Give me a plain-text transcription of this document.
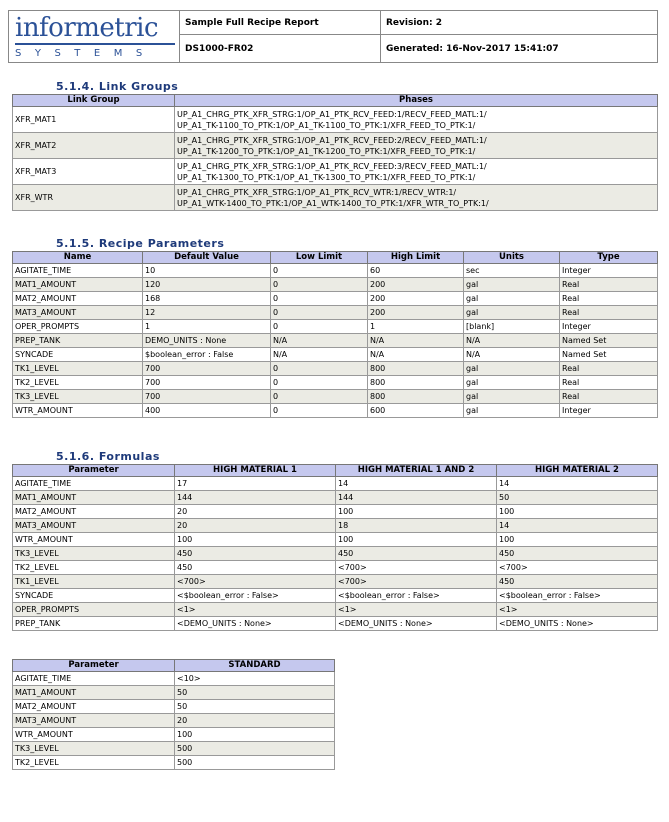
informetric
SYSTEMS	Sample Full Recipe Report	Revision: 2
	DS1000-FR02	Generated: 16-Nov-2017 15:41:07
5.1.4. Link Groups
Link Group	Phases
XFR_MAT1	UP_A1_CHRG_PTK_XFR_STRG:1/OP_A1_PTK_RCV_FEED:1/RECV_FEED_MATL:1/
UP_A1_TK-1100_TO_PTK:1/OP_A1_TK-1100_TO_PTK:1/XFR_FEED_TO_PTK:1/

XFR_MAT2	UP_A1_CHRG_PTK_XFR_STRG:1/OP_A1_PTK_RCV_FEED:2/RECV_FEED_MATL:1/
UP_A1_TK-1200_TO_PTK:1/OP_A1_TK-1200_TO_PTK:1/XFR_FEED_TO_PTK:1/

XFR_MAT3	UP_A1_CHRG_PTK_XFR_STRG:1/OP_A1_PTK_RCV_FEED:3/RECV_FEED_MATL:1/
UP_A1_TK-1300_TO_PTK:1/OP_A1_TK-1300_TO_PTK:1/XFR_FEED_TO_PTK:1/

XFR_WTR	UP_A1_CHRG_PTK_XFR_STRG:1/OP_A1_PTK_RCV_WTR:1/RECV_WTR:1/
UP_A1_WTK-1400_TO_PTK:1/OP_A1_WTK-1400_TO_PTK:1/XFR_WTR_TO_PTK:1/
5.1.5. Recipe Parameters
Name	Default Value	Low Limit	High Limit	Units	Type
AGITATE_TIME	10	0	60	sec	Integer
MAT1_AMOUNT	120	0	200	gal	Real
MAT2_AMOUNT	168	0	200	gal	Real
MAT3_AMOUNT	12	0	200	gal	Real
OPER_PROMPTS	1	0	1	[blank]	Integer
PREP_TANK	DEMO_UNITS : None	N/A	N/A	N/A	Named Set
SYNCADE	$boolean_error : False	N/A	N/A	N/A	Named Set
TK1_LEVEL	700	0	800	gal	Real
TK2_LEVEL	700	0	800	gal	Real
TK3_LEVEL	700	0	800	gal	Real
WTR_AMOUNT	400	0	600	gal	Integer
5.1.6. Formulas
Parameter	HIGH MATERIAL 1	HIGH MATERIAL 1 AND 2	HIGH MATERIAL 2
AGITATE_TIME	17	14	14
MAT1_AMOUNT	144	144	50
MAT2_AMOUNT	20	100	100
MAT3_AMOUNT	20	18	14
WTR_AMOUNT	100	100	100
TK3_LEVEL	450	450	450
TK2_LEVEL	450	<700>	<700>
TK1_LEVEL	<700>	<700>	450
SYNCADE	<$boolean_error : False>	<$boolean_error : False>	<$boolean_error : False>
OPER_PROMPTS	<1>	<1>	<1>
PREP_TANK	<DEMO_UNITS : None>	<DEMO_UNITS : None>	<DEMO_UNITS : None>
Parameter	STANDARD
AGITATE_TIME	<10>
MAT1_AMOUNT	50
MAT2_AMOUNT	50
MAT3_AMOUNT	20
WTR_AMOUNT	100
TK3_LEVEL	500
TK2_LEVEL	500
